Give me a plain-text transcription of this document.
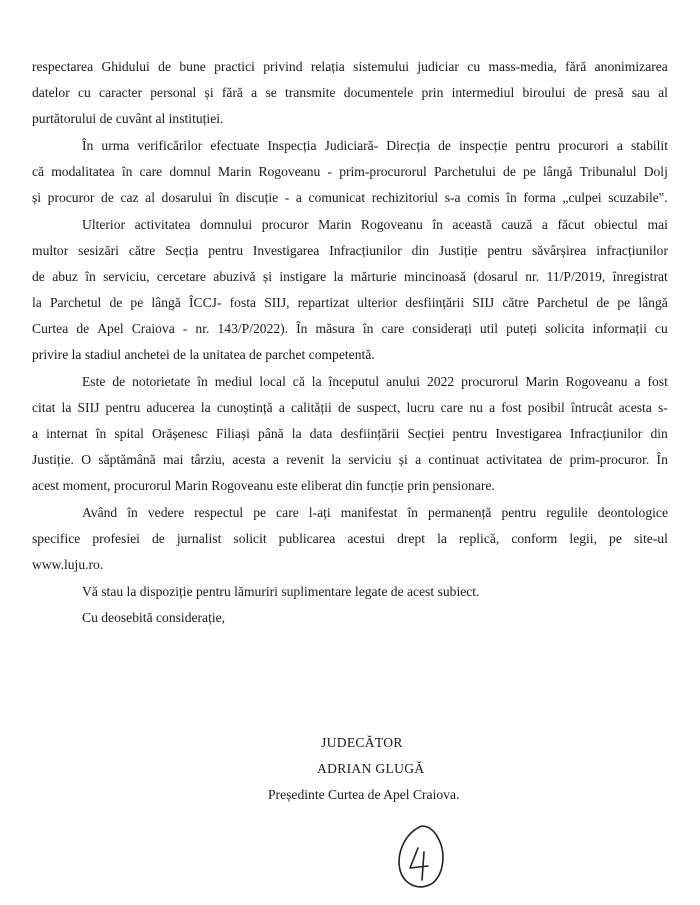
respectarea Ghidului de bune practici privind relația sistemului judiciar cu mass-media, fără anonimizarea
datelor cu caracter personal și fără a se transmite documentele prin intermediul biroului de presă sau al
purtătorului de cuvânt al instituției.
În urma verificărilor efectuate Inspecția Judiciară- Direcția de inspecție pentru procurori a stabilit
că modalitatea în care domnul Marin Rogoveanu - prim-procurorul Parchetului de pe lângă Tribunalul Dolj
și procuror de caz al dosarului în discuție - a comunicat rechizitoriul s-a comis în forma „culpei scuzabile".
Ulterior activitatea domnului procuror Marin Rogoveanu în această cauză a făcut obiectul mai
multor sesizări către Secția pentru Investigarea Infracțiunilor din Justiție pentru săvârșirea infracțiunilor
de abuz în serviciu, cercetare abuzivă și instigare la mărturie mincinoasă (dosarul nr. 11/P/2019, înregistrat
la Parchetul de pe lângă ÎCCJ- fosta SIIJ, repartizat ulterior desființării SIIJ către Parchetul de pe lângă
Curtea de Apel Craiova - nr. 143/P/2022). În măsura în care considerați util puteți solicita informații cu
privire la stadiul anchetei de la unitatea de parchet competentă.
Este de notorietate în mediul local că la începutul anului 2022 procurorul Marin Rogoveanu a fost
citat la SIIJ pentru aducerea la cunoștință a calității de suspect, lucru care nu a fost posibil întrucât acesta s-
a internat în spital Orășenesc Filiași până la data desființării Secției pentru Investigarea Infracțiunilor din
Justiție. O săptămână mai târziu, acesta a revenit la serviciu și a continuat activitatea de prim-procuror. În
acest moment, procurorul Marin Rogoveanu este eliberat din funcție prin pensionare.
Având în vedere respectul pe care l-ați manifestat în permanență pentru regulile deontologice
specifice profesiei de jurnalist solicit publicarea acestui drept la replică, conform legii, pe site-ul
www.luju.ro.
Vă stau la dispoziție pentru lămuriri suplimentare legate de acest subiect.
Cu deosebită considerație,
JUDECĂTOR
ADRIAN GLUGĂ
Președinte Curtea de Apel Craiova.
